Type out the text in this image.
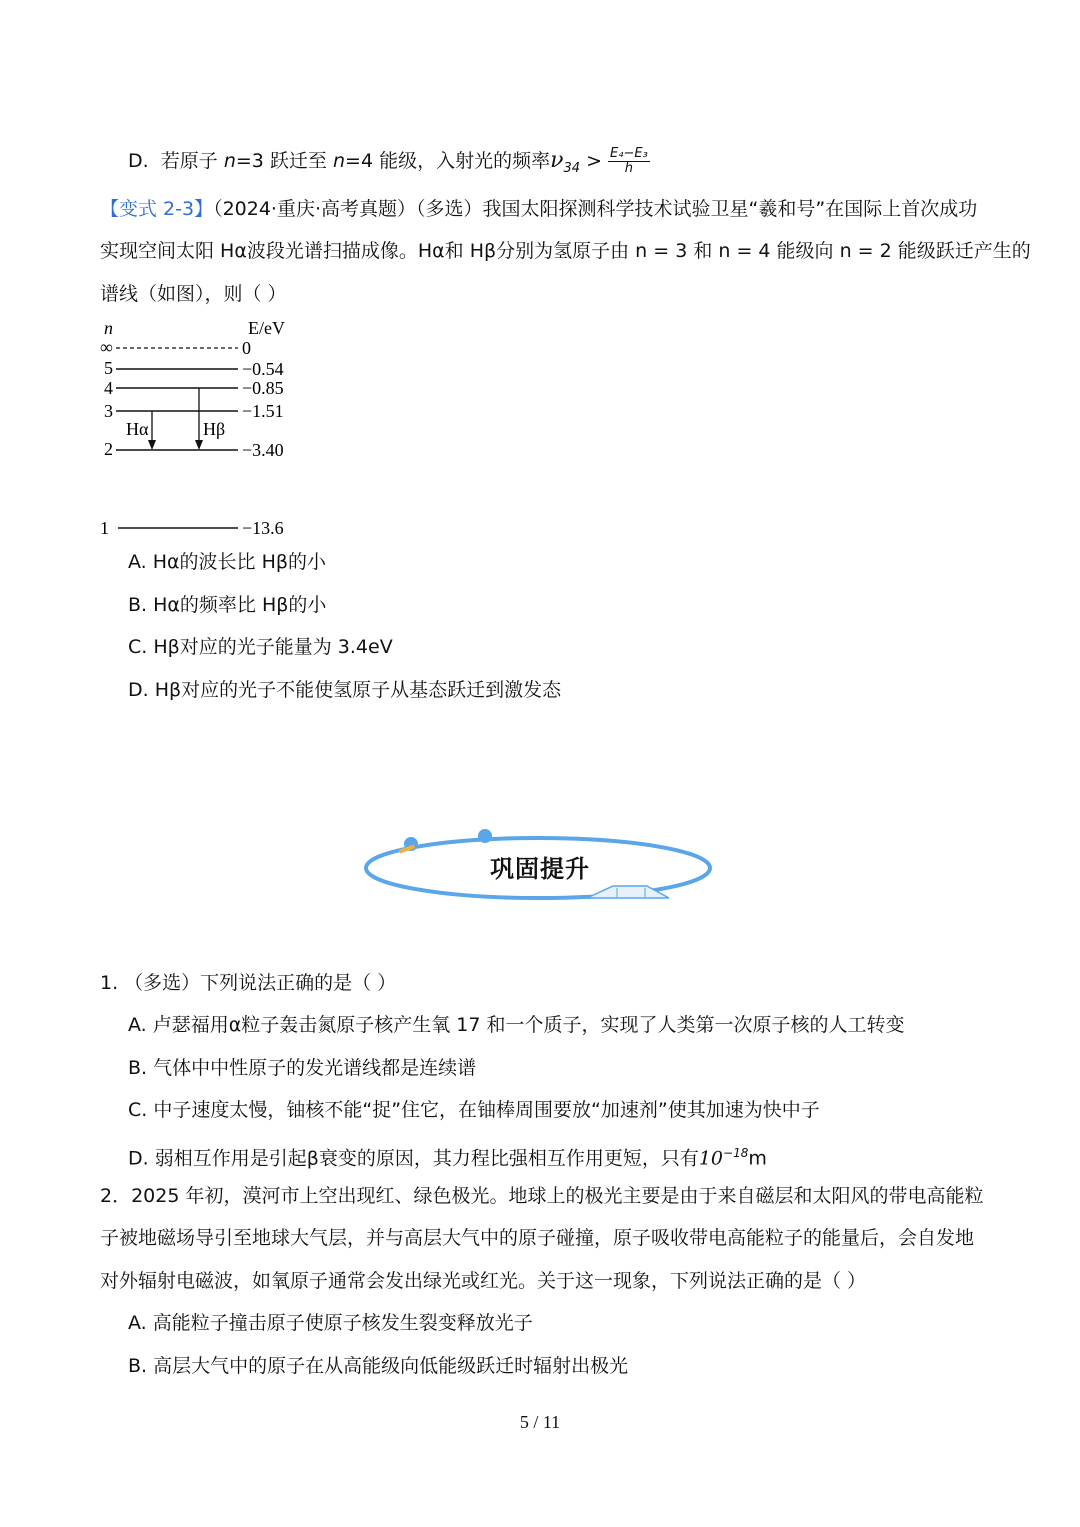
D. 若原子 n=3 跃迁至 n=4 能级，入射光的频率$\nu_{34} > \frac{\text{E₄−E₃}}{h}$
【变式 2-3】（2024·重庆·高考真题）（多选）我国太阳探测科学技术试验卫星“羲和号”在国际上首次成功
实现空间太阳 Hα波段光谱扫描成像。Hα和 Hβ分别为氢原子由 n = 3 和 n = 4 能级向 n = 2 能级跃迁产生的
谱线（如图），则（ ）
n	E/eV
∞	0
5	−0.54
4	−0.85
3	−1.51
2	−3.40
Hα	Hβ
1	−13.6
A. Hα的波长比 Hβ的小
B. Hα的频率比 Hβ的小
C. Hβ对应的光子能量为 3.4eV
D. Hβ对应的光子不能使氢原子从基态跃迁到激发态
巩固提升
1. （多选）下列说法正确的是（ ）
A. 卢瑟福用α粒子轰击氮原子核产生氧 17 和一个质子，实现了人类第一次原子核的人工转变
B. 气体中中性原子的发光谱线都是连续谱
C. 中子速度太慢，铀核不能“捉”住它，在铀棒周围要放“加速剂”使其加速为快中子
D. 弱相互作用是引起β衰变的原因，其力程比强相互作用更短，只有$10^{-18}m$
2．2025 年初，漠河市上空出现红、绿色极光。地球上的极光主要是由于来自磁层和太阳风的带电高能粒
子被地磁场导引至地球大气层，并与高层大气中的原子碰撞，原子吸收带电高能粒子的能量后，会自发地
对外辐射电磁波，如氧原子通常会发出绿光或红光。关于这一现象，下列说法正确的是（ ）
A. 高能粒子撞击原子使原子核发生裂变释放光子
B. 高层大气中的原子在从高能级向低能级跃迁时辐射出极光
5 / 11
